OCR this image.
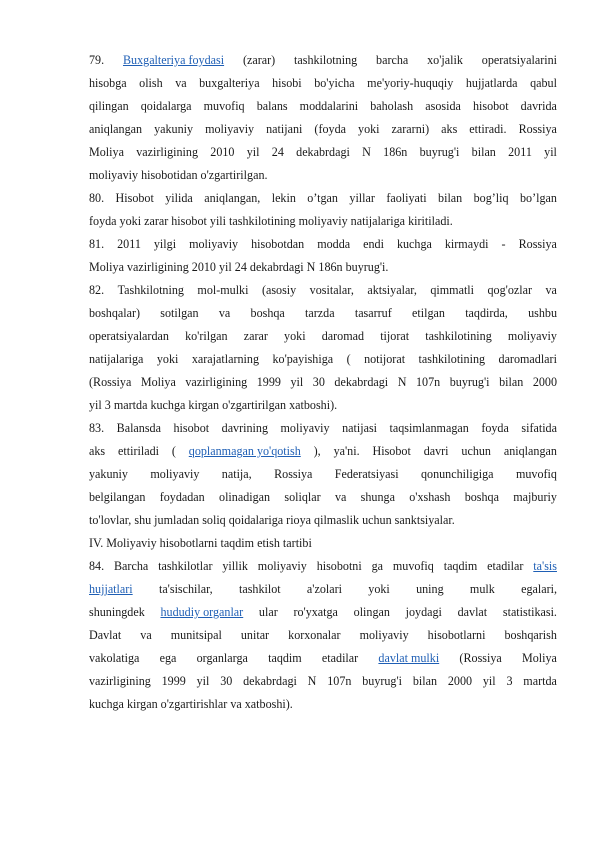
79. Buxgalteriya foydasi (zarar) tashkilotning barcha xo'jalik operatsiyalarini
hisobga olish va buxgalteriya hisobi bo'yicha me'yoriy-huquqiy hujjatlarda qabul
qilingan qoidalarga muvofiq balans moddalarini baholash asosida hisobot davrida
aniqlangan yakuniy moliyaviy natijani (foyda yoki zararni) aks ettiradi. Rossiya
Moliya vazirligining 2010 yil 24 dekabrdagi N 186n buyrug'i bilan 2011 yil
moliyaviy hisobotidan o'zgartirilgan.
80. Hisobot yilida aniqlangan, lekin o’tgan yillar faoliyati bilan bog’liq bo’lgan
foyda yoki zarar hisobot yili tashkilotining moliyaviy natijalariga kiritiladi.
81. 2011 yilgi moliyaviy hisobotdan modda endi kuchga kirmaydi - Rossiya
Moliya vazirligining 2010 yil 24 dekabrdagi N 186n buyrug'i.
82. Tashkilotning mol-mulki (asosiy vositalar, aktsiyalar, qimmatli qog'ozlar va
boshqalar) sotilgan va boshqa tarzda tasarruf etilgan taqdirda, ushbu
operatsiyalardan ko'rilgan zarar yoki daromad tijorat tashkilotining moliyaviy
natijalariga yoki xarajatlarning ko'payishiga ( notijorat tashkilotining daromadlari
(Rossiya Moliya vazirligining 1999 yil 30 dekabrdagi N 107n buyrug'i bilan 2000
yil 3 martda kuchga kirgan o'zgartirilgan xatboshi).
83. Balansda hisobot davrining moliyaviy natijasi taqsimlanmagan foyda sifatida
aks ettiriladi ( qoplanmagan yo'qotish ), ya'ni. Hisobot davri uchun aniqlangan
yakuniy moliyaviy natija, Rossiya Federatsiyasi qonunchiligiga muvofiq
belgilangan foydadan olinadigan soliqlar va shunga o'xshash boshqa majburiy
to'lovlar, shu jumladan soliq qoidalariga rioya qilmaslik uchun sanktsiyalar.
IV. Moliyaviy hisobotlarni taqdim etish tartibi
84. Barcha tashkilotlar yillik moliyaviy hisobotni ga muvofiq taqdim etadilar ta'sis
hujjatlari ta'sischilar, tashkilot a'zolari yoki uning mulk egalari,
shuningdek hududiy organlar ular ro'yxatga olingan joydagi davlat statistikasi.
Davlat va munitsipal unitar korxonalar moliyaviy hisobotlarni boshqarish
vakolatiga ega organlarga taqdim etadilar davlat mulki (Rossiya Moliya
vazirligining 1999 yil 30 dekabrdagi N 107n buyrug'i bilan 2000 yil 3 martda
kuchga kirgan o'zgartirishlar va xatboshi).
